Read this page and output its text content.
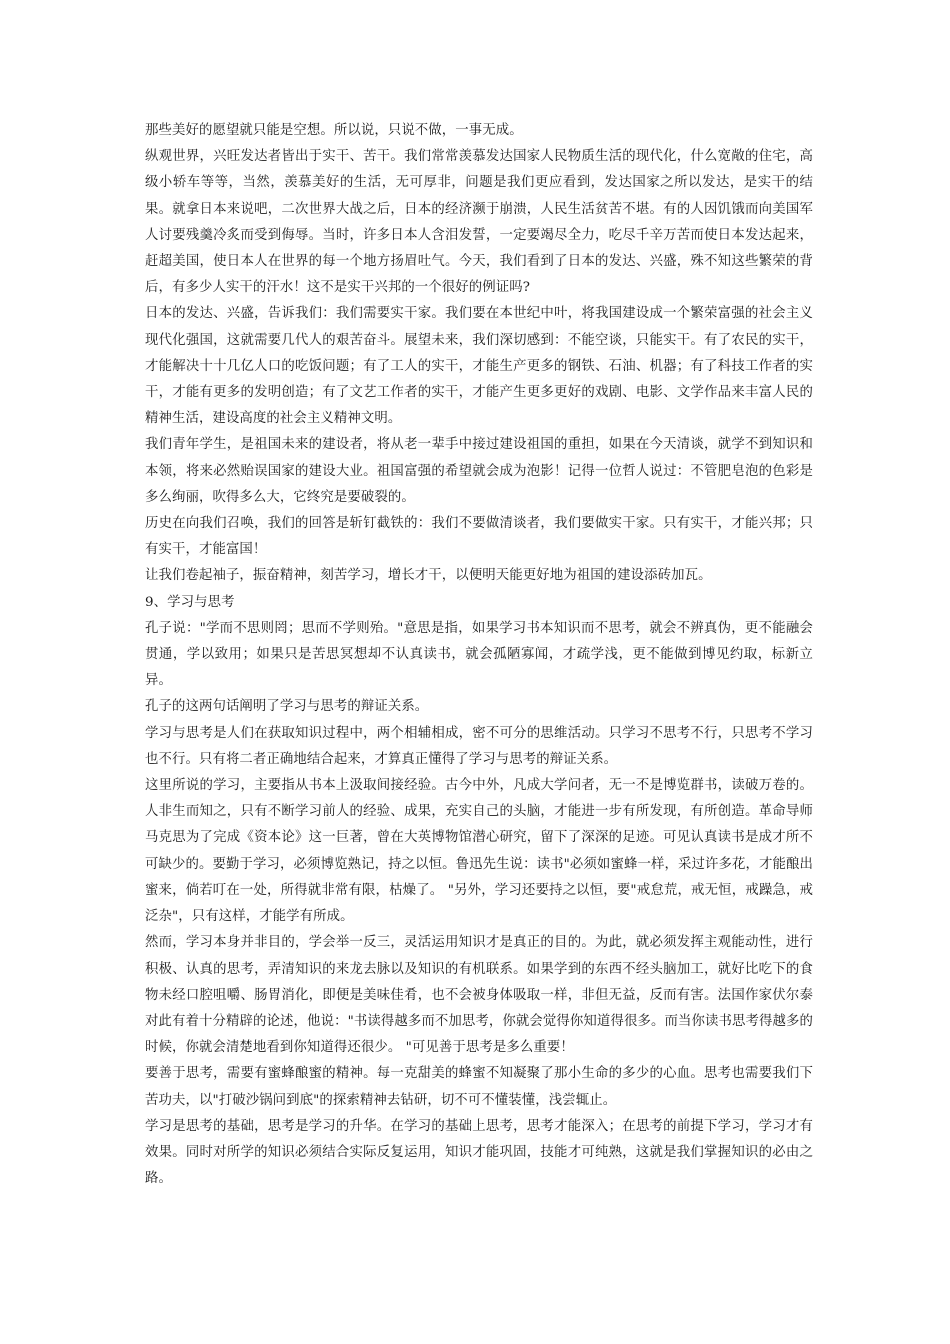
那些美好的愿望就只能是空想。所以说，只说不做，一事无成。

纵观世界，兴旺发达者皆出于实干、苦干。我们常常羡慕发达国家人民物质生活的现代化，什么宽敞的住宅，高级小轿车等等，当然，羡慕美好的生活，无可厚非，问题是我们更应看到，发达国家之所以发达，是实干的结果。就拿日本来说吧，二次世界大战之后，日本的经济濒于崩溃，人民生活贫苦不堪。有的人因饥饿而向美国军人讨要残羹冷炙而受到侮辱。当时，许多日本人含泪发誓，一定要竭尽全力，吃尽千辛万苦而使日本发达起来，赶超美国，使日本人在世界的每一个地方扬眉吐气。今天，我们看到了日本的发达、兴盛，殊不知这些繁荣的背后，有多少人实干的汗水！这不是实干兴邦的一个很好的例证吗?

日本的发达、兴盛，告诉我们：我们需要实干家。我们要在本世纪中叶，将我国建设成一个繁荣富强的社会主义现代化强国，这就需要几代人的艰苦奋斗。展望未来，我们深切感到：不能空谈，只能实干。有了农民的实干，才能解决十十几亿人口的吃饭问题；有了工人的实干，才能生产更多的钢铁、石油、机器；有了科技工作者的实干，才能有更多的发明创造；有了文艺工作者的实干，才能产生更多更好的戏剧、电影、文学作品来丰富人民的精神生活，建设高度的社会主义精神文明。

我们青年学生，是祖国未来的建设者，将从老一辈手中接过建设祖国的重担，如果在今天清谈，就学不到知识和本领，将来必然贻误国家的建设大业。祖国富强的希望就会成为泡影！记得一位哲人说过：不管肥皂泡的色彩是多么绚丽，吹得多么大，它终究是要破裂的。

历史在向我们召唤，我们的回答是斩钉截铁的：我们不要做清谈者，我们要做实干家。只有实干，才能兴邦；只有实干，才能富国！

让我们卷起袖子，振奋精神，刻苦学习，增长才干，以便明天能更好地为祖国的建设添砖加瓦。

9、学习与思考

孔子说："学而不思则罔；思而不学则殆。"意思是指，如果学习书本知识而不思考，就会不辨真伪，更不能融会贯通，学以致用；如果只是苦思冥想却不认真读书，就会孤陋寡闻，才疏学浅，更不能做到博见约取，标新立异。

孔子的这两句话阐明了学习与思考的辩证关系。

学习与思考是人们在获取知识过程中，两个相辅相成，密不可分的思维活动。只学习不思考不行，只思考不学习也不行。只有将二者正确地结合起来，才算真正懂得了学习与思考的辩证关系。

这里所说的学习，主要指从书本上汲取间接经验。古今中外，凡成大学问者，无一不是博览群书，读破万卷的。人非生而知之，只有不断学习前人的经验、成果，充实自己的头脑，才能进一步有所发现，有所创造。革命导师马克思为了完成《资本论》这一巨著，曾在大英博物馆潜心研究，留下了深深的足迹。可见认真读书是成才所不可缺少的。要勤于学习，必须博览熟记，持之以恒。鲁迅先生说：读书"必须如蜜蜂一样，采过许多花，才能酿出蜜来，倘若叮在一处，所得就非常有限，枯燥了。 "另外，学习还要持之以恒，要"戒怠荒，戒无恒，戒躁急，戒泛杂"，只有这样，才能学有所成。

然而，学习本身并非目的，学会举一反三，灵活运用知识才是真正的目的。为此，就必须发挥主观能动性，进行积极、认真的思考，弄清知识的来龙去脉以及知识的有机联系。如果学到的东西不经头脑加工，就好比吃下的食物未经口腔咀嚼、肠胃消化，即便是美味佳肴，也不会被身体吸取一样，非但无益，反而有害。法国作家伏尔泰对此有着十分精辟的论述，他说："书读得越多而不加思考，你就会觉得你知道得很多。而当你读书思考得越多的时候，你就会清楚地看到你知道得还很少。 "可见善于思考是多么重要！

要善于思考，需要有蜜蜂酿蜜的精神。每一克甜美的蜂蜜不知凝聚了那小生命的多少的心血。思考也需要我们下苦功夫，以"打破沙锅问到底"的探索精神去钻研，切不可不懂装懂，浅尝辄止。

学习是思考的基础，思考是学习的升华。在学习的基础上思考，思考才能深入；在思考的前提下学习，学习才有效果。同时对所学的知识必须结合实际反复运用，知识才能巩固，技能才可纯熟，这就是我们掌握知识的必由之路。
